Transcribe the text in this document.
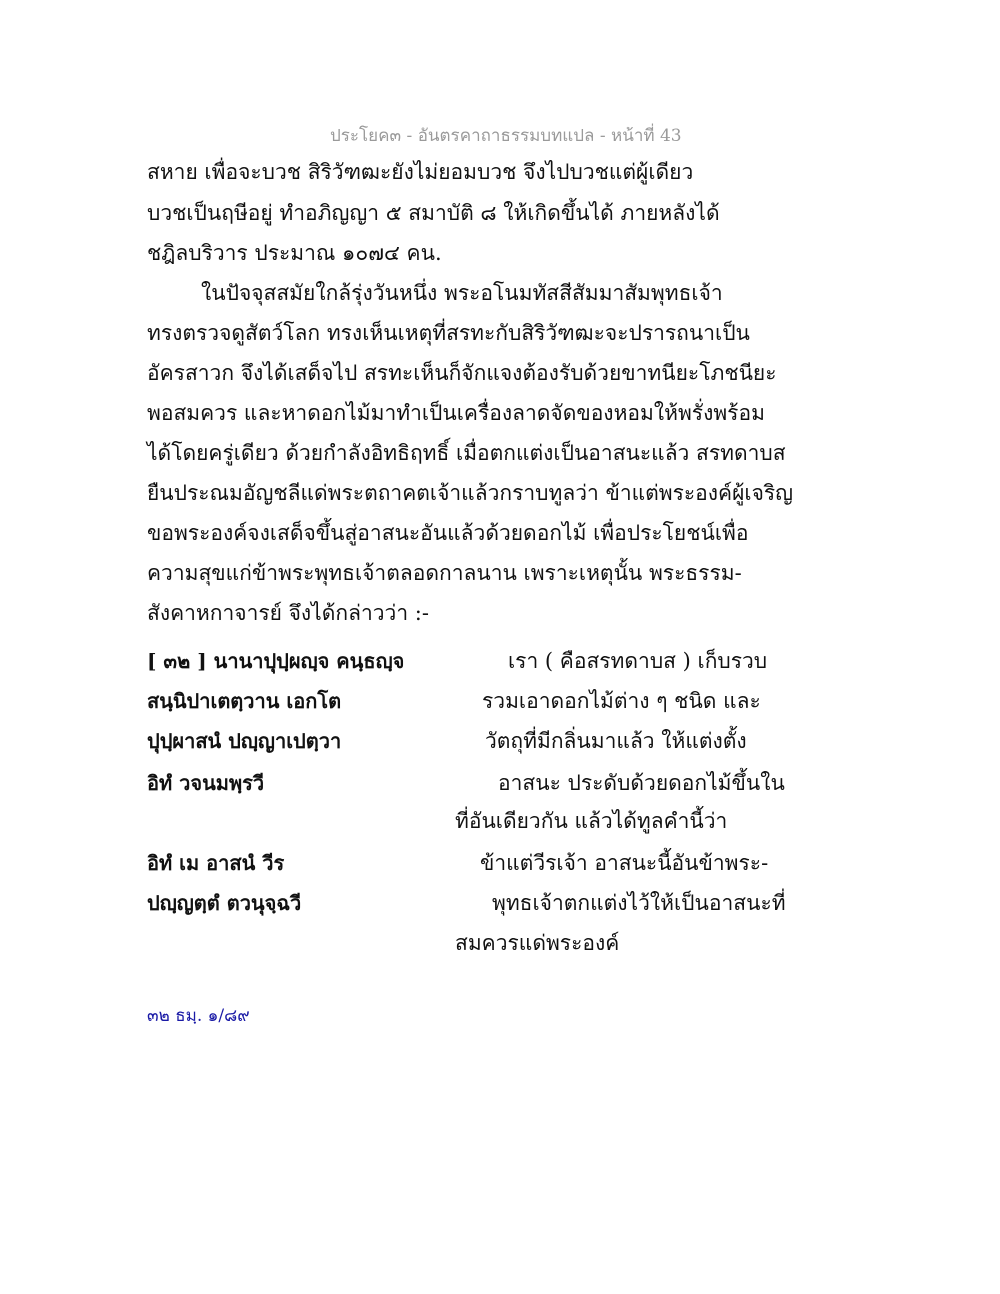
ประโยค๓ - อันตรคาถาธรรมบทแปล - หน้าที่ 43
สหาย เพื่อจะบวช สิริวัฑฒะยังไม่ยอมบวช จึงไปบวชแต่ผู้เดียว
บวชเป็นฤษีอยู่ ทำอภิญญา ๕ สมาบัติ ๘ ให้เกิดขึ้นได้ ภายหลังได้
ชฎิลบริวาร ประมาณ ๑๐๗๔ คน.
ในปัจจุสสมัยใกล้รุ่งวันหนึ่ง พระอโนมทัสสีสัมมาสัมพุทธเจ้า
ทรงตรวจดูสัตว์โลก ทรงเห็นเหตุที่สรทะกับสิริวัฑฒะจะปรารถนาเป็น
อัครสาวก จึงได้เสด็จไป สรทะเห็นก็จักแจงต้องรับด้วยขาทนียะโภชนียะ
พอสมควร และหาดอกไม้มาทำเป็นเครื่องลาดจัดของหอมให้พรั่งพร้อม
ได้โดยครู่เดียว ด้วยกำลังอิทธิฤทธิ์ เมื่อตกแต่งเป็นอาสนะแล้ว สรทดาบส
ยืนประณมอัญชลีแด่พระตถาคตเจ้าแล้วกราบทูลว่า ข้าแต่พระองค์ผู้เจริญ
ขอพระองค์จงเสด็จขึ้นสู่อาสนะอันแล้วด้วยดอกไม้ เพื่อประโยชน์เพื่อ
ความสุขแก่ข้าพระพุทธเจ้าตลอดกาลนาน เพราะเหตุนั้น พระธรรม-
สังคาหกาจารย์ จึงได้กล่าวว่า :-
[ ๓๒ ] นานาปุปฺผญฺจ คนฺธญฺจ
สนฺนิปาเตตฺวาน เอกโต
ปุปฺผาสนํ ปญฺญาเปตฺวา
อิทํ วจนมพฺรวี
อิทํ เม อาสนํ วีร
ปญฺญตฺตํ ตวนุจฺฉวี
เรา ( คือสรทดาบส ) เก็บรวบ
รวมเอาดอกไม้ต่าง ๆ ชนิด และ
วัตถุที่มีกลิ่นมาแล้ว ให้แต่งตั้ง
อาสนะ ประดับด้วยดอกไม้ขึ้นใน
ที่อันเดียวกัน แล้วได้ทูลคำนี้ว่า
ข้าแต่วีรเจ้า อาสนะนี้อันข้าพระ-
พุทธเจ้าตกแต่งไว้ให้เป็นอาสนะที่
สมควรแด่พระองค์
๓๒ ธมฺ. ๑/๘๙
